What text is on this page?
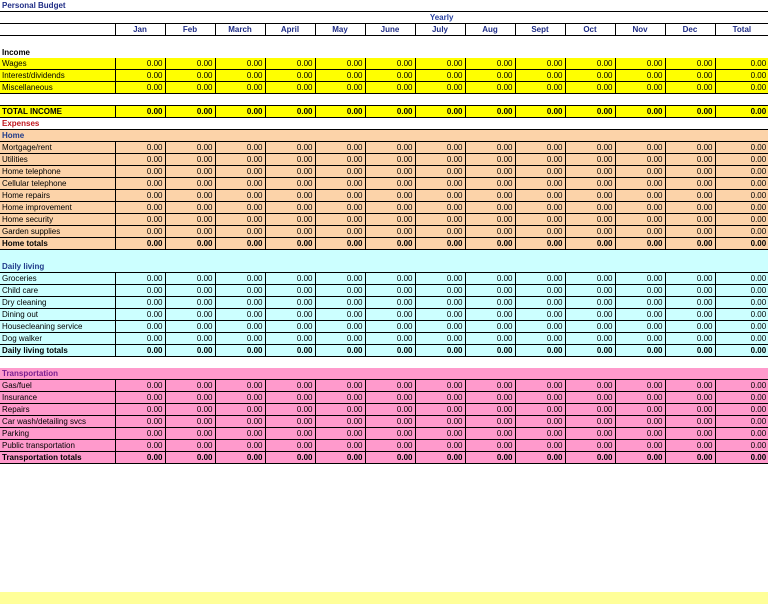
Personal Budget													
	Yearly												
	Jan	Feb	March	April	May	June	July	Aug	Sept	Oct	Nov	Dec	Total

Income													
Wages	0.00	0.00	0.00	0.00	0.00	0.00	0.00	0.00	0.00	0.00	0.00	0.00	0.00
Interest/dividends	0.00	0.00	0.00	0.00	0.00	0.00	0.00	0.00	0.00	0.00	0.00	0.00	0.00
Miscellaneous	0.00	0.00	0.00	0.00	0.00	0.00	0.00	0.00	0.00	0.00	0.00	0.00	0.00

TOTAL INCOME	0.00	0.00	0.00	0.00	0.00	0.00	0.00	0.00	0.00	0.00	0.00	0.00	0.00
Expenses													
Home													
Mortgage/rent	0.00	0.00	0.00	0.00	0.00	0.00	0.00	0.00	0.00	0.00	0.00	0.00	0.00
Utilities	0.00	0.00	0.00	0.00	0.00	0.00	0.00	0.00	0.00	0.00	0.00	0.00	0.00
Home telephone	0.00	0.00	0.00	0.00	0.00	0.00	0.00	0.00	0.00	0.00	0.00	0.00	0.00
Cellular telephone	0.00	0.00	0.00	0.00	0.00	0.00	0.00	0.00	0.00	0.00	0.00	0.00	0.00
Home repairs	0.00	0.00	0.00	0.00	0.00	0.00	0.00	0.00	0.00	0.00	0.00	0.00	0.00
Home improvement	0.00	0.00	0.00	0.00	0.00	0.00	0.00	0.00	0.00	0.00	0.00	0.00	0.00
Home security	0.00	0.00	0.00	0.00	0.00	0.00	0.00	0.00	0.00	0.00	0.00	0.00	0.00
Garden supplies	0.00	0.00	0.00	0.00	0.00	0.00	0.00	0.00	0.00	0.00	0.00	0.00	0.00
Home totals	0.00	0.00	0.00	0.00	0.00	0.00	0.00	0.00	0.00	0.00	0.00	0.00	0.00

Daily living													
Groceries	0.00	0.00	0.00	0.00	0.00	0.00	0.00	0.00	0.00	0.00	0.00	0.00	0.00
Child care	0.00	0.00	0.00	0.00	0.00	0.00	0.00	0.00	0.00	0.00	0.00	0.00	0.00
Dry cleaning	0.00	0.00	0.00	0.00	0.00	0.00	0.00	0.00	0.00	0.00	0.00	0.00	0.00
Dining out	0.00	0.00	0.00	0.00	0.00	0.00	0.00	0.00	0.00	0.00	0.00	0.00	0.00
Housecleaning service	0.00	0.00	0.00	0.00	0.00	0.00	0.00	0.00	0.00	0.00	0.00	0.00	0.00
Dog walker	0.00	0.00	0.00	0.00	0.00	0.00	0.00	0.00	0.00	0.00	0.00	0.00	0.00
Daily living totals	0.00	0.00	0.00	0.00	0.00	0.00	0.00	0.00	0.00	0.00	0.00	0.00	0.00

Transportation													
Gas/fuel	0.00	0.00	0.00	0.00	0.00	0.00	0.00	0.00	0.00	0.00	0.00	0.00	0.00
Insurance	0.00	0.00	0.00	0.00	0.00	0.00	0.00	0.00	0.00	0.00	0.00	0.00	0.00
Repairs	0.00	0.00	0.00	0.00	0.00	0.00	0.00	0.00	0.00	0.00	0.00	0.00	0.00
Car wash/detailing svcs	0.00	0.00	0.00	0.00	0.00	0.00	0.00	0.00	0.00	0.00	0.00	0.00	0.00
Parking	0.00	0.00	0.00	0.00	0.00	0.00	0.00	0.00	0.00	0.00	0.00	0.00	0.00
Public transportation	0.00	0.00	0.00	0.00	0.00	0.00	0.00	0.00	0.00	0.00	0.00	0.00	0.00
Transportation totals	0.00	0.00	0.00	0.00	0.00	0.00	0.00	0.00	0.00	0.00	0.00	0.00	0.00
